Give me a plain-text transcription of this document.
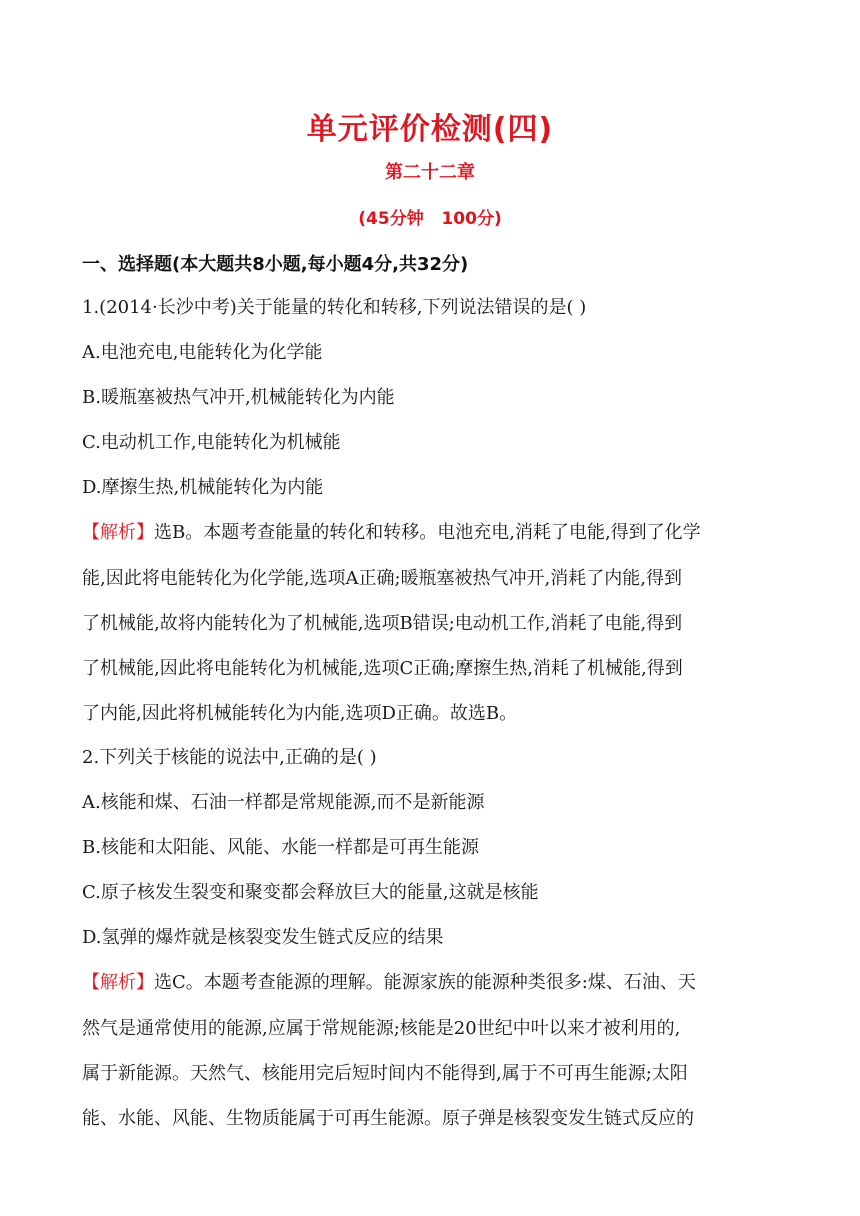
单元评价检测(四)
第二十二章
(45分钟   100分)
一、选择题(本大题共8小题,每小题4分,共32分)
1.(2014·长沙中考)关于能量的转化和转移,下列说法错误的是( )
A.电池充电,电能转化为化学能
B.暖瓶塞被热气冲开,机械能转化为内能
C.电动机工作,电能转化为机械能
D.摩擦生热,机械能转化为内能
【解析】选B。本题考查能量的转化和转移。电池充电,消耗了电能,得到了化学
能,因此将电能转化为化学能,选项A正确;暖瓶塞被热气冲开,消耗了内能,得到
了机械能,故将内能转化为了机械能,选项B错误;电动机工作,消耗了电能,得到
了机械能,因此将电能转化为机械能,选项C正确;摩擦生热,消耗了机械能,得到
了内能,因此将机械能转化为内能,选项D正确。故选B。
2.下列关于核能的说法中,正确的是( )
A.核能和煤、石油一样都是常规能源,而不是新能源
B.核能和太阳能、风能、水能一样都是可再生能源
C.原子核发生裂变和聚变都会释放巨大的能量,这就是核能
D.氢弹的爆炸就是核裂变发生链式反应的结果
【解析】选C。本题考查能源的理解。能源家族的能源种类很多:煤、石油、天
然气是通常使用的能源,应属于常规能源;核能是20世纪中叶以来才被利用的,
属于新能源。天然气、核能用完后短时间内不能得到,属于不可再生能源;太阳
能、水能、风能、生物质能属于可再生能源。原子弹是核裂变发生链式反应的
